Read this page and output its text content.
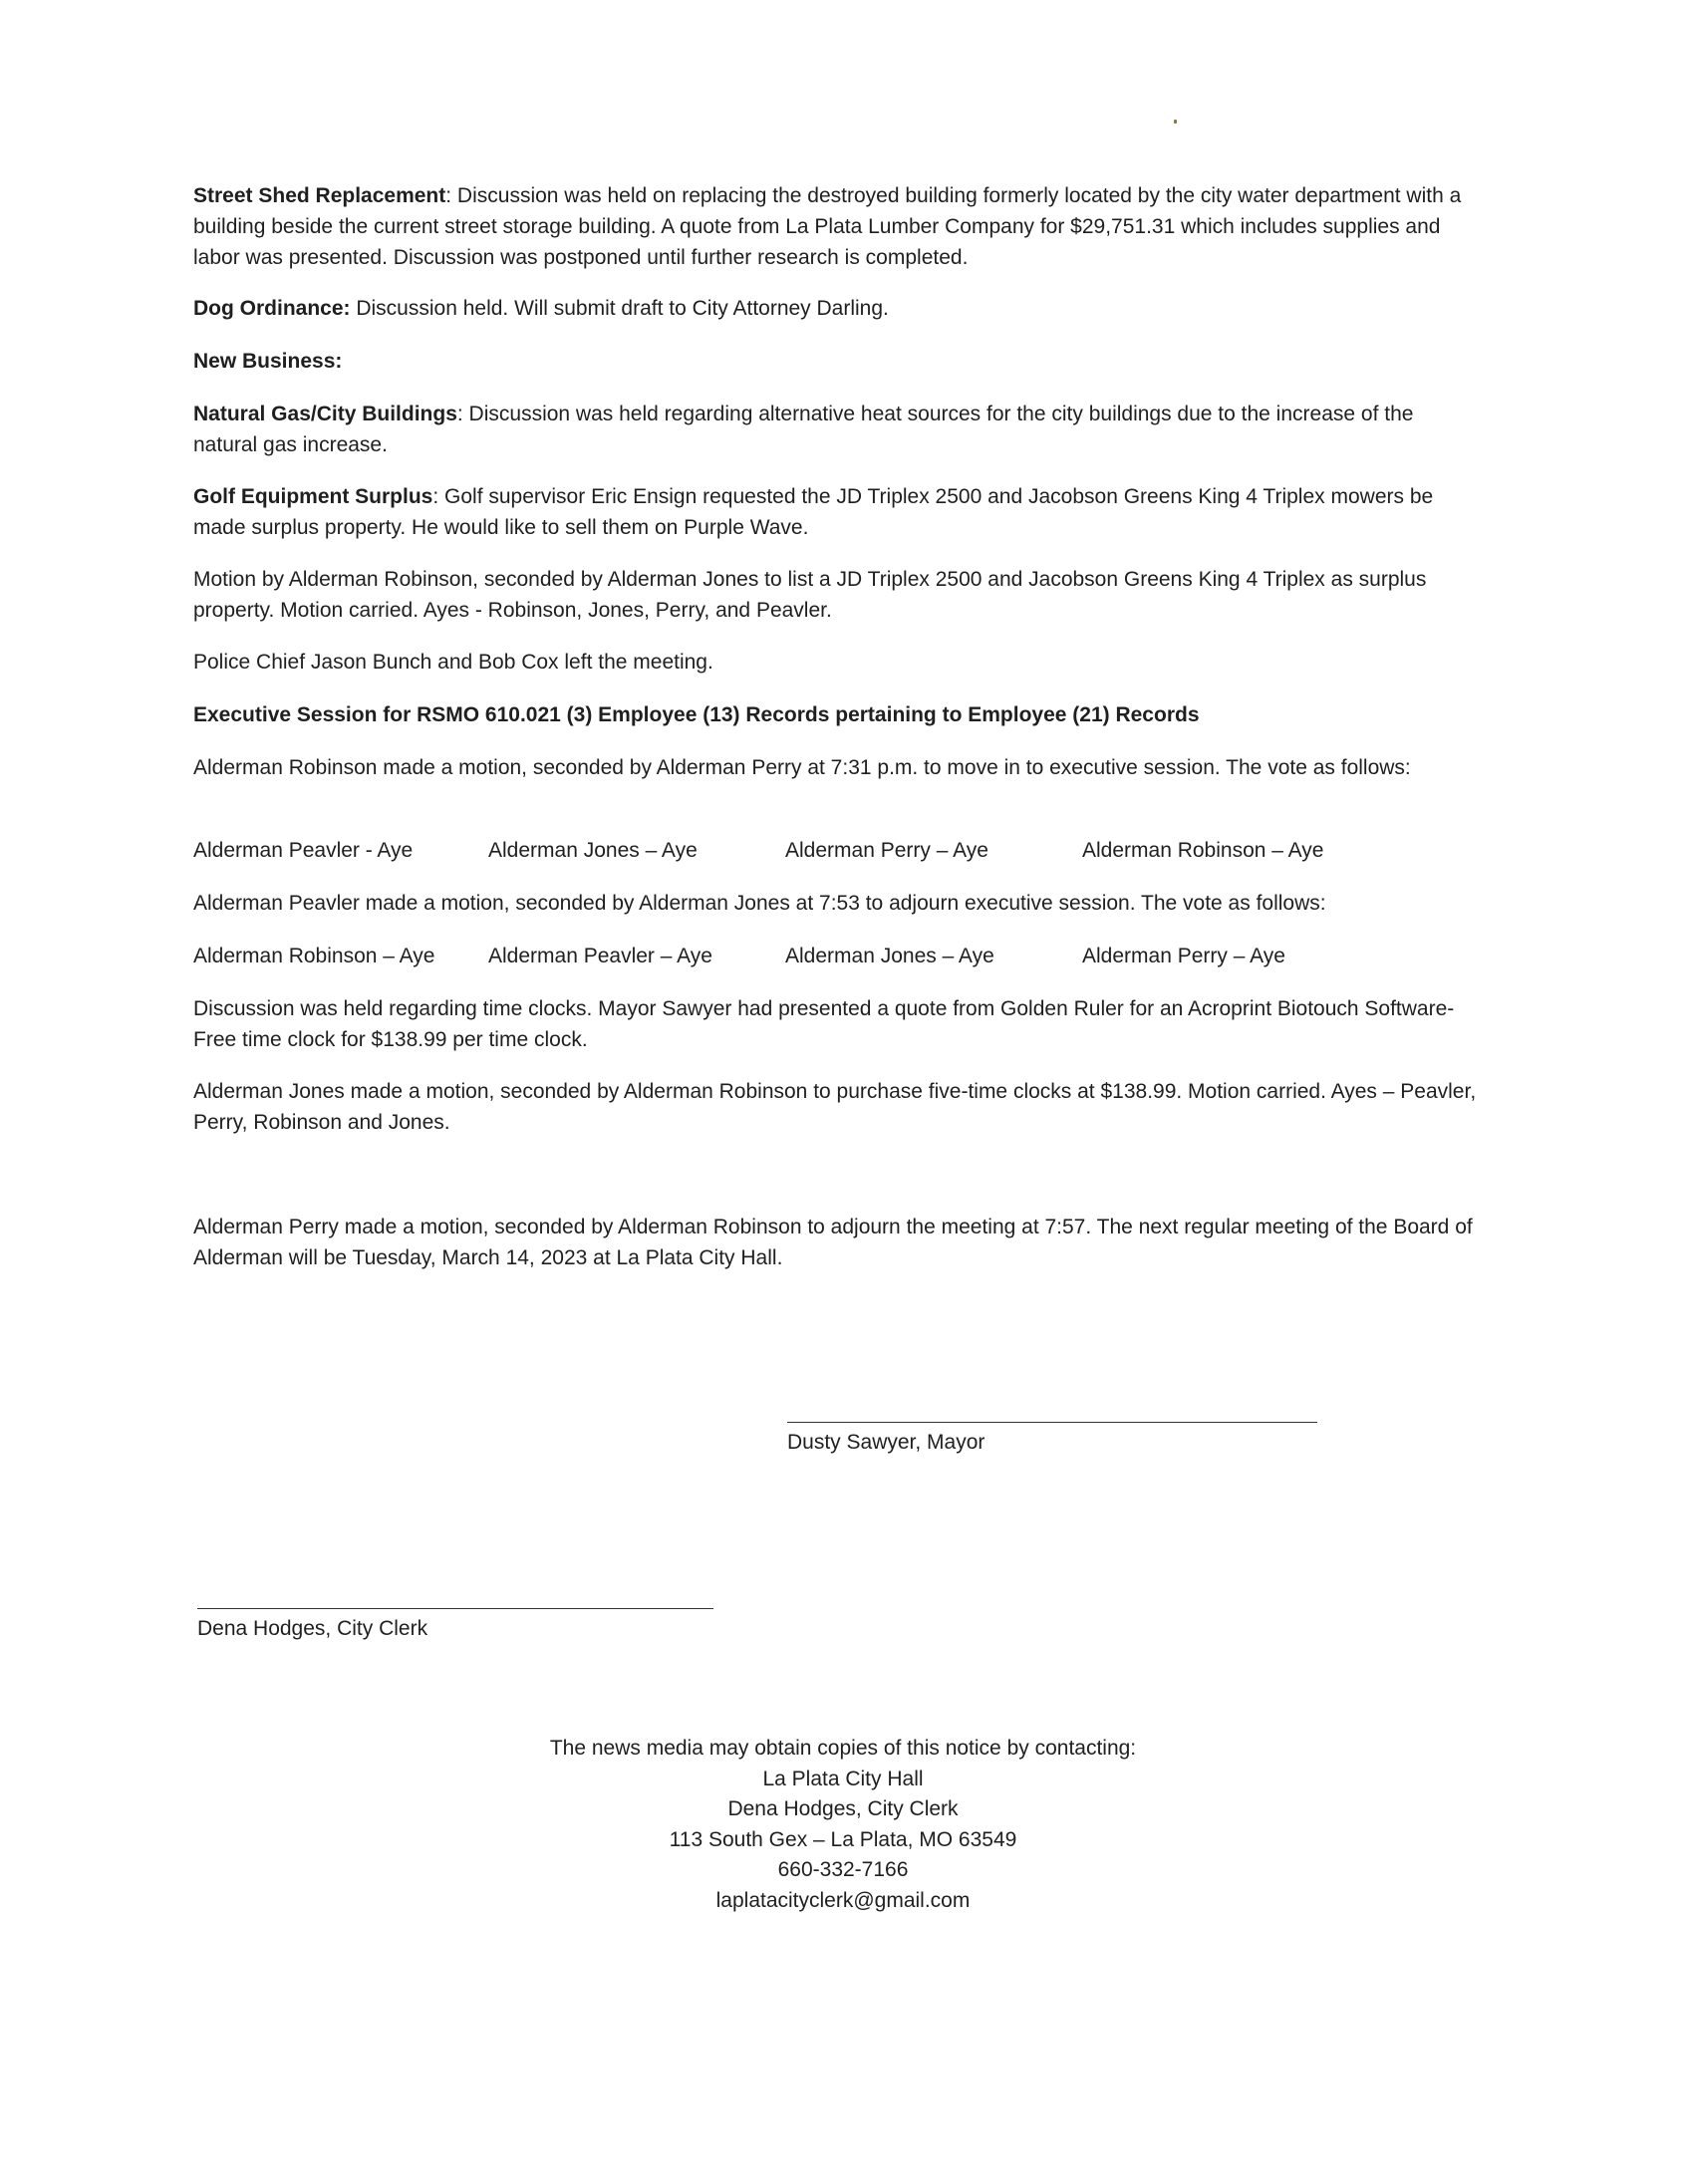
Street Shed Replacement: Discussion was held on replacing the destroyed building formerly located by the city water department with a building beside the current street storage building. A quote from La Plata Lumber Company for $29,751.31 which includes supplies and labor was presented. Discussion was postponed until further research is completed.

Dog Ordinance: Discussion held. Will submit draft to City Attorney Darling.

New Business:

Natural Gas/City Buildings: Discussion was held regarding alternative heat sources for the city buildings due to the increase of the natural gas increase.

Golf Equipment Surplus: Golf supervisor Eric Ensign requested the JD Triplex 2500 and Jacobson Greens King 4 Triplex mowers be made surplus property. He would like to sell them on Purple Wave.

Motion by Alderman Robinson, seconded by Alderman Jones to list a JD Triplex 2500 and Jacobson Greens King 4 Triplex as surplus property. Motion carried. Ayes - Robinson, Jones, Perry, and Peavler.

Police Chief Jason Bunch and Bob Cox left the meeting.

Executive Session for RSMO 610.021 (3) Employee (13) Records pertaining to Employee (21) Records

Alderman Robinson made a motion, seconded by Alderman Perry at 7:31 p.m. to move in to executive session. The vote as follows:

Alderman Peavler - Aye	Alderman Jones – Aye	Alderman Perry – Aye	Alderman Robinson – Aye

Alderman Peavler made a motion, seconded by Alderman Jones at 7:53 to adjourn executive session. The vote as follows:

Alderman Robinson – Aye	Alderman Peavler – Aye	Alderman Jones – Aye	Alderman Perry – Aye

Discussion was held regarding time clocks. Mayor Sawyer had presented a quote from Golden Ruler for an Acroprint Biotouch Software-Free time clock for $138.99 per time clock.

Alderman Jones made a motion, seconded by Alderman Robinson to purchase five-time clocks at $138.99. Motion carried. Ayes – Peavler, Perry, Robinson and Jones.

Alderman Perry made a motion, seconded by Alderman Robinson to adjourn the meeting at 7:57. The next regular meeting of the Board of Alderman will be Tuesday, March 14, 2023 at La Plata City Hall.

Dusty Sawyer, Mayor
Dena Hodges, City Clerk
The news media may obtain copies of this notice by contacting:
La Plata City Hall
Dena Hodges, City Clerk
113 South Gex – La Plata, MO 63549
660-332-7166
laplatacityclerk@gmail.com
